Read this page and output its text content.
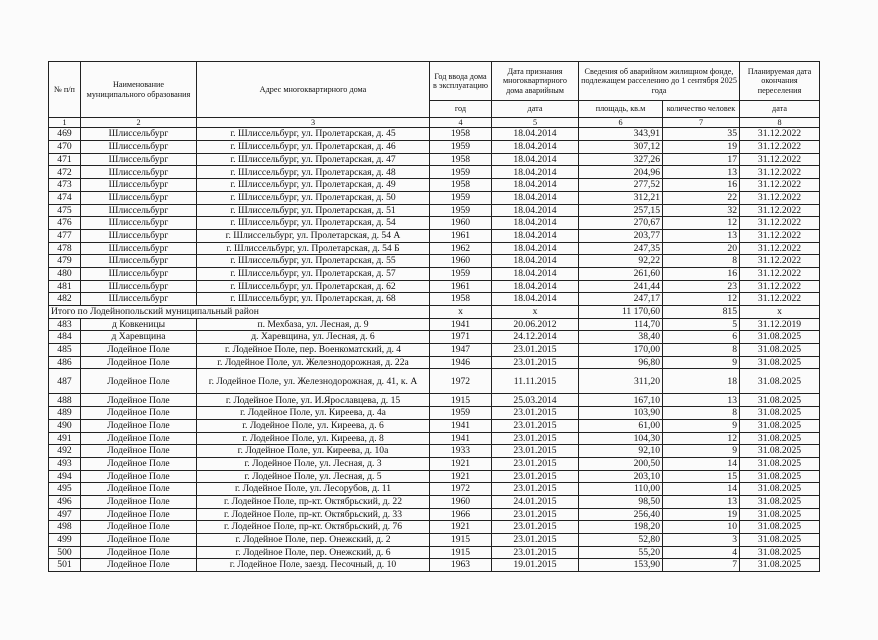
№ п/п	Наименование муниципального образования	Адрес многоквартирного дома	Год ввода дома в эксплуатацию	Дата признания многоквартирного дома аварийным	Сведения об аварийном жилищном фонде, подлежащем расселению до 1 сентября 2025 года		Планируемая дата окончания переселения
			год	дата	площадь, кв.м	количество человек	дата
1	2	3	4	5	6	7	8
469	Шлиссельбург	г. Шлиссельбург, ул. Пролетарская, д. 45	1958	18.04.2014	343,91	35	31.12.2022
470	Шлиссельбург	г. Шлиссельбург, ул. Пролетарская, д. 46	1959	18.04.2014	307,12	19	31.12.2022
471	Шлиссельбург	г. Шлиссельбург, ул. Пролетарская, д. 47	1958	18.04.2014	327,26	17	31.12.2022
472	Шлиссельбург	г. Шлиссельбург, ул. Пролетарская, д. 48	1959	18.04.2014	204,96	13	31.12.2022
473	Шлиссельбург	г. Шлиссельбург, ул. Пролетарская, д. 49	1958	18.04.2014	277,52	16	31.12.2022
474	Шлиссельбург	г. Шлиссельбург, ул. Пролетарская, д. 50	1959	18.04.2014	312,21	22	31.12.2022
475	Шлиссельбург	г. Шлиссельбург, ул. Пролетарская, д. 51	1959	18.04.2014	257,15	32	31.12.2022
476	Шлиссельбург	г. Шлиссельбург, ул. Пролетарская, д. 54	1960	18.04.2014	270,67	12	31.12.2022
477	Шлиссельбург	г. Шлиссельбург, ул. Пролетарская, д. 54 А	1961	18.04.2014	203,77	13	31.12.2022
478	Шлиссельбург	г. Шлиссельбург, ул. Пролетарская, д. 54 Б	1962	18.04.2014	247,35	20	31.12.2022
479	Шлиссельбург	г. Шлиссельбург, ул. Пролетарская, д. 55	1960	18.04.2014	92,22	8	31.12.2022
480	Шлиссельбург	г. Шлиссельбург, ул. Пролетарская, д. 57	1959	18.04.2014	261,60	16	31.12.2022
481	Шлиссельбург	г. Шлиссельбург, ул. Пролетарская, д. 62	1961	18.04.2014	241,44	23	31.12.2022
482	Шлиссельбург	г. Шлиссельбург, ул. Пролетарская, д. 68	1958	18.04.2014	247,17	12	31.12.2022
Итого по Лодейнопольский муниципальный район			х	х	11 170,60	815	х
483	д Ковкеницы	п. Мехбаза, ул. Лесная, д. 9	1941	20.06.2012	114,70	5	31.12.2019
484	д Харевщина	д. Харевщина, ул. Лесная, д. 6	1971	24.12.2014	38,40	6	31.08.2025
485	Лодейное Поле	г. Лодейное Поле, пер. Военкоматский, д. 4	1947	23.01.2015	170,00	8	31.08.2025
486	Лодейное Поле	г. Лодейное Поле, ул. Железнодорожная, д. 22а	1946	23.01.2015	96,80	9	31.08.2025
487	Лодейное Поле	г. Лодейное Поле, ул. Железнодорожная, д. 41, к. А	1972	11.11.2015	311,20	18	31.08.2025
488	Лодейное Поле	г. Лодейное Поле, ул. И.Ярославцева, д. 15	1915	25.03.2014	167,10	13	31.08.2025
489	Лодейное Поле	г. Лодейное Поле, ул. Киреева, д. 4а	1959	23.01.2015	103,90	8	31.08.2025
490	Лодейное Поле	г. Лодейное Поле, ул. Киреева, д. 6	1941	23.01.2015	61,00	9	31.08.2025
491	Лодейное Поле	г. Лодейное Поле, ул. Киреева, д. 8	1941	23.01.2015	104,30	12	31.08.2025
492	Лодейное Поле	г. Лодейное Поле, ул. Киреева, д. 10а	1933	23.01.2015	92,10	9	31.08.2025
493	Лодейное Поле	г. Лодейное Поле, ул. Лесная, д. 3	1921	23.01.2015	200,50	14	31.08.2025
494	Лодейное Поле	г. Лодейное Поле, ул. Лесная, д. 5	1921	23.01.2015	203,10	15	31.08.2025
495	Лодейное Поле	г. Лодейное Поле, ул. Лесорубов, д. 11	1972	23.01.2015	110,00	14	31.08.2025
496	Лодейное Поле	г. Лодейное Поле, пр-кт. Октябрьский, д. 22	1960	24.01.2015	98,50	13	31.08.2025
497	Лодейное Поле	г. Лодейное Поле, пр-кт. Октябрьский, д. 33	1966	23.01.2015	256,40	19	31.08.2025
498	Лодейное Поле	г. Лодейное Поле, пр-кт. Октябрьский, д. 76	1921	23.01.2015	198,20	10	31.08.2025
499	Лодейное Поле	г. Лодейное Поле, пер. Онежский, д. 2	1915	23.01.2015	52,80	3	31.08.2025
500	Лодейное Поле	г. Лодейное Поле, пер. Онежский, д. 6	1915	23.01.2015	55,20	4	31.08.2025
501	Лодейное Поле	г. Лодейное Поле, заезд. Песочный, д. 10	1963	19.01.2015	153,90	7	31.08.2025
